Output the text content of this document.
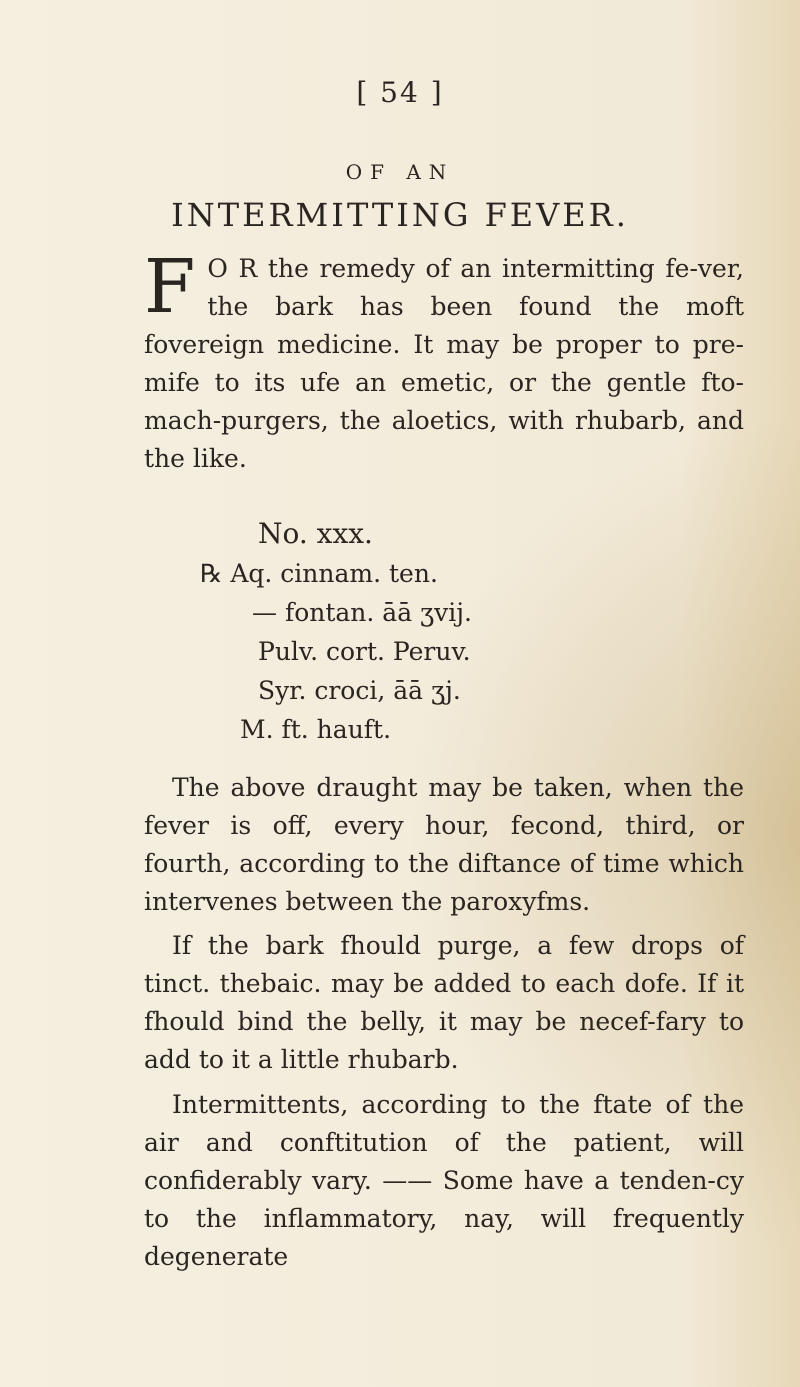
[ 54 ]
OF AN
INTERMITTING FEVER.
F O R the remedy of an intermitting fe-ver, the bark has been found the moft fovereign medicine. It may be proper to pre-mife to its ufe an emetic, or the gentle fto-mach-purgers, the aloetics, with rhubarb, and the like.
No. xxx.
℞ Aq. cinnam. ten.
— fontan. āā ʒvij.
Pulv. cort. Peruv.
Syr. croci, āā ʒj.
M. ft. hauft.
The above draught may be taken, when the fever is off, every hour, fecond, third, or fourth, according to the diftance of time which intervenes between the paroxyfms.
If the bark fhould purge, a few drops of tinct. thebaic. may be added to each dofe. If it fhould bind the belly, it may be necef-fary to add to it a little rhubarb.
Intermittents, according to the ftate of the air and conftitution of the patient, will confiderably vary. —— Some have a tenden-cy to the inflammatory, nay, will frequently degenerate
